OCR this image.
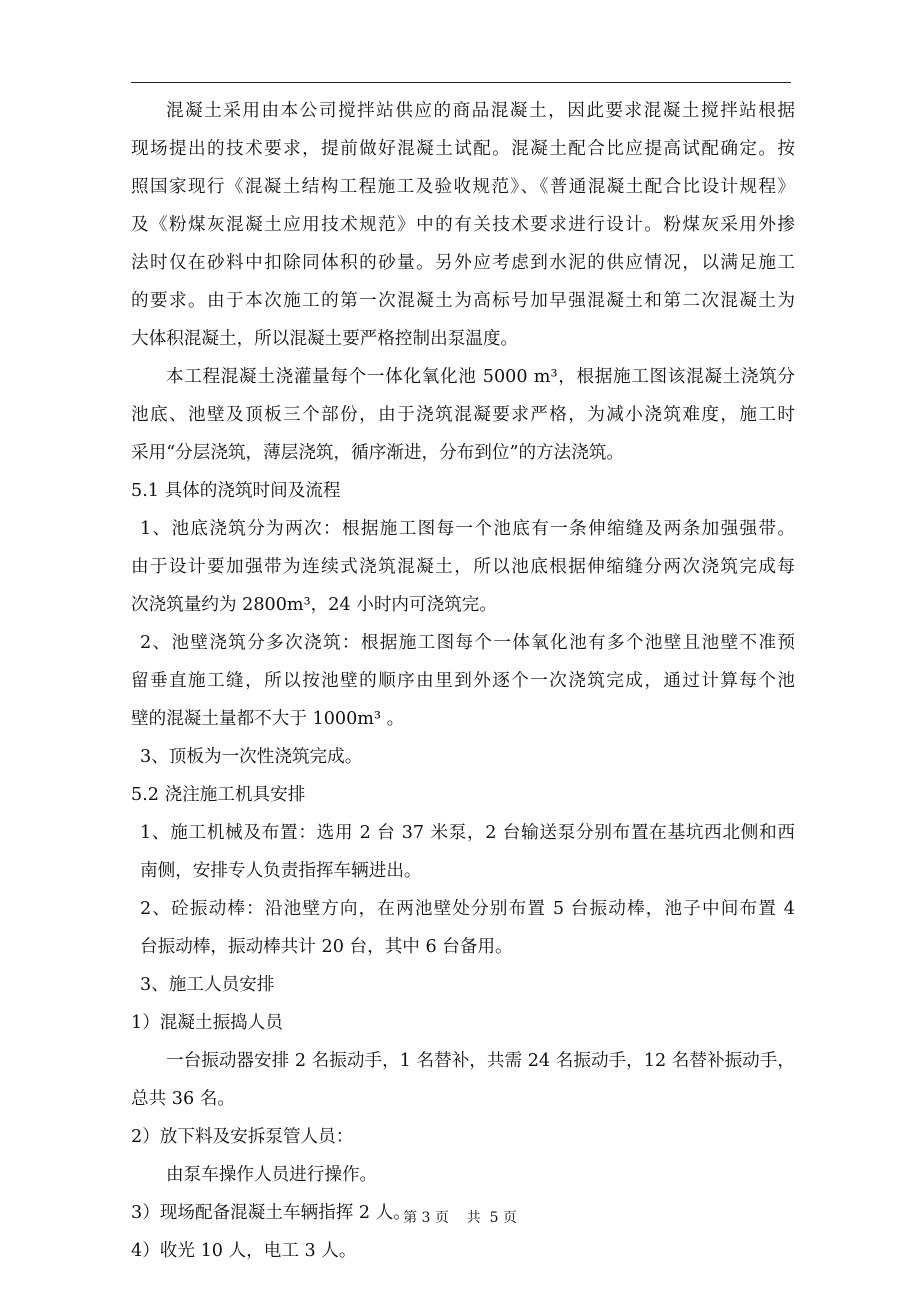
混凝土采用由本公司搅拌站供应的商品混凝土，因此要求混凝土搅拌站根据
现场提出的技术要求，提前做好混凝土试配。混凝土配合比应提高试配确定。按
照国家现行《混凝土结构工程施工及验收规范》、《普通混凝土配合比设计规程》
及《粉煤灰混凝土应用技术规范》中的有关技术要求进行设计。粉煤灰采用外掺
法时仅在砂料中扣除同体积的砂量。另外应考虑到水泥的供应情况，以满足施工
的要求。由于本次施工的第一次混凝土为高标号加早强混凝土和第二次混凝土为
大体积混凝土，所以混凝土要严格控制出泵温度。
本工程混凝土浇灌量每个一体化氧化池 5000 m³，根据施工图该混凝土浇筑分
池底、池壁及顶板三个部份，由于浇筑混凝要求严格，为减小浇筑难度，施工时
采用“分层浇筑，薄层浇筑，循序渐进，分布到位”的方法浇筑。
5.1 具体的浇筑时间及流程
1、池底浇筑分为两次：根据施工图每一个池底有一条伸缩缝及两条加强强带。
由于设计要加强带为连续式浇筑混凝土，所以池底根据伸缩缝分两次浇筑完成每
次浇筑量约为 2800m³，24 小时内可浇筑完。
2、池壁浇筑分多次浇筑：根据施工图每个一体氧化池有多个池壁且池壁不准预
留垂直施工缝，所以按池壁的顺序由里到外逐个一次浇筑完成，通过计算每个池
壁的混凝土量都不大于 1000m³ 。
3、顶板为一次性浇筑完成。
5.2 浇注施工机具安排
1、施工机械及布置：选用 2 台 37 米泵，2 台输送泵分别布置在基坑西北侧和西
南侧，安排专人负责指挥车辆进出。
2、砼振动棒：沿池壁方向，在两池壁处分别布置 5 台振动棒，池子中间布置 4
台振动棒，振动棒共计 20 台，其中 6 台备用。
3、施工人员安排
1）混凝土振捣人员
一台振动器安排 2 名振动手，1 名替补，共需 24 名振动手，12 名替补振动手，
总共 36 名。
2）放下料及安拆泵管人员：
由泵车操作人员进行操作。
3）现场配备混凝土车辆指挥 2 人。
4）收光 10 人，电工 3 人。
第 3 页    共  5 页
